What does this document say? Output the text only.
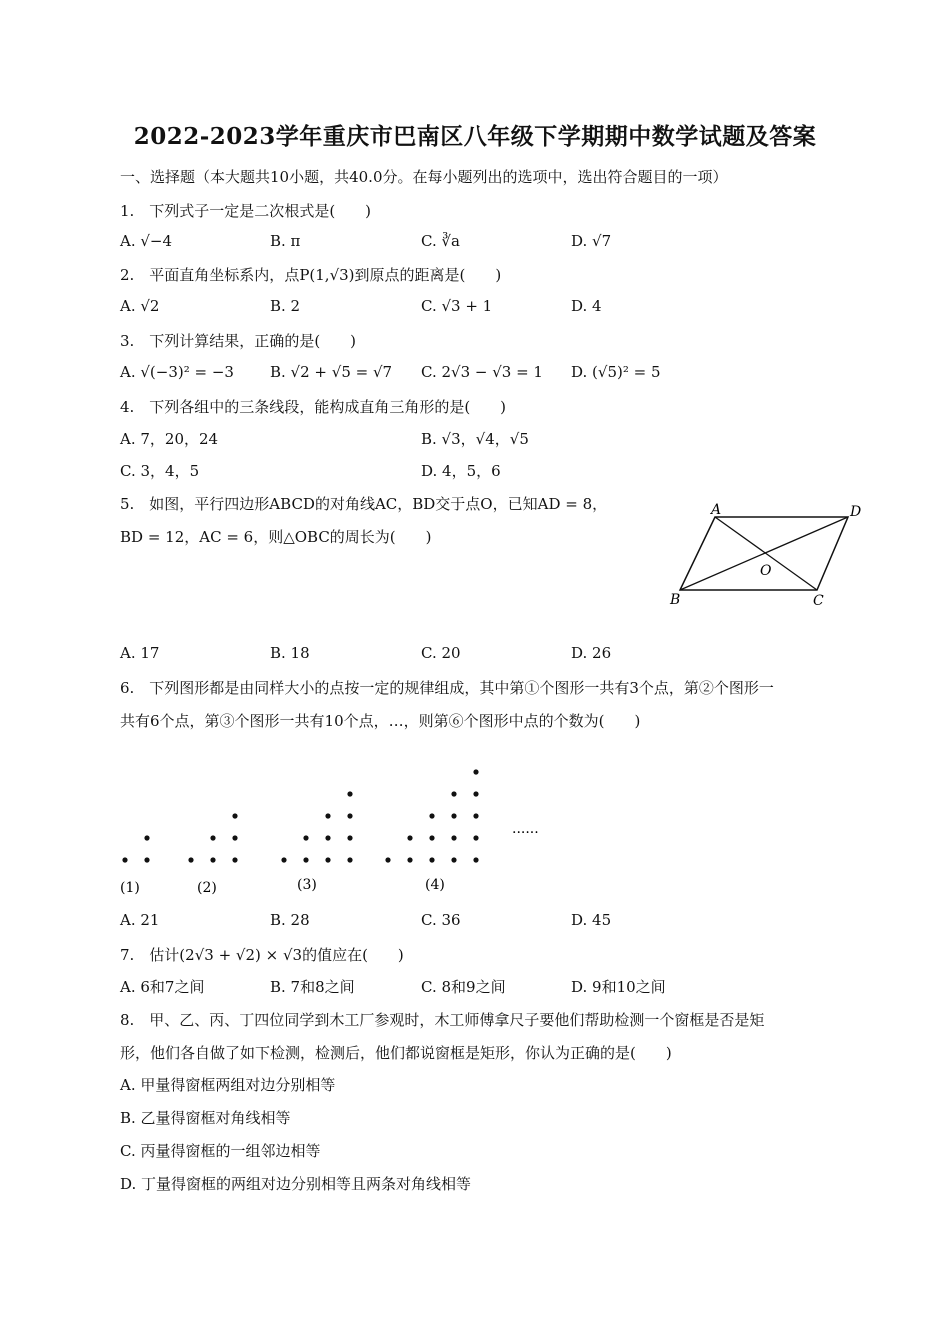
2022-2023学年重庆市巴南区八年级下学期期中数学试题及答案
一、选择题（本大题共10小题，共40.0分。在每小题列出的选项中，选出符合题目的一项）
1.　下列式子一定是二次根式是(　　)
A. √−4	B. π	C. ∛a	D. √7
2.　平面直角坐标系内，点P(1,√3)到原点的距离是(　　)
A. √2	B. 2	C. √3 + 1	D. 4
3.　下列计算结果，正确的是(　　)
A. √(−3)² = −3 B. √2 + √5 = √7 C. 2√3 − √3 = 1 D. (√5)² = 5
4.　下列各组中的三条线段，能构成直角三角形的是(　　)
A. 7，20，24	B. √3，√4，√5
C. 3，4，5	D. 4，5，6
5.　如图，平行四边形ABCD的对角线AC，BD交于点O，已知AD = 8，
BD = 12，AC = 6，则△OBC的周长为(　　)
A	D
B	C
O
A. 17	B. 18	C. 20	D. 26
6.　下列图形都是由同样大小的点按一定的规律组成，其中第①个图形一共有3个点，第②个图形一
共有6个点，第③个图形一共有10个点，…，则第⑥个图形中点的个数为(　　)
(1)	(2)	(3)	(4)
......
A. 21	B. 28	C. 36	D. 45
7.　估计(2√3 + √2) × √3的值应在(　　)
A. 6和7之间	B. 7和8之间	C. 8和9之间	D. 9和10之间
8.　甲、乙、丙、丁四位同学到木工厂参观时，木工师傅拿尺子要他们帮助检测一个窗框是否是矩
形，他们各自做了如下检测，检测后，他们都说窗框是矩形，你认为正确的是(　　)
A. 甲量得窗框两组对边分别相等
B. 乙量得窗框对角线相等
C. 丙量得窗框的一组邻边相等
D. 丁量得窗框的两组对边分别相等且两条对角线相等
